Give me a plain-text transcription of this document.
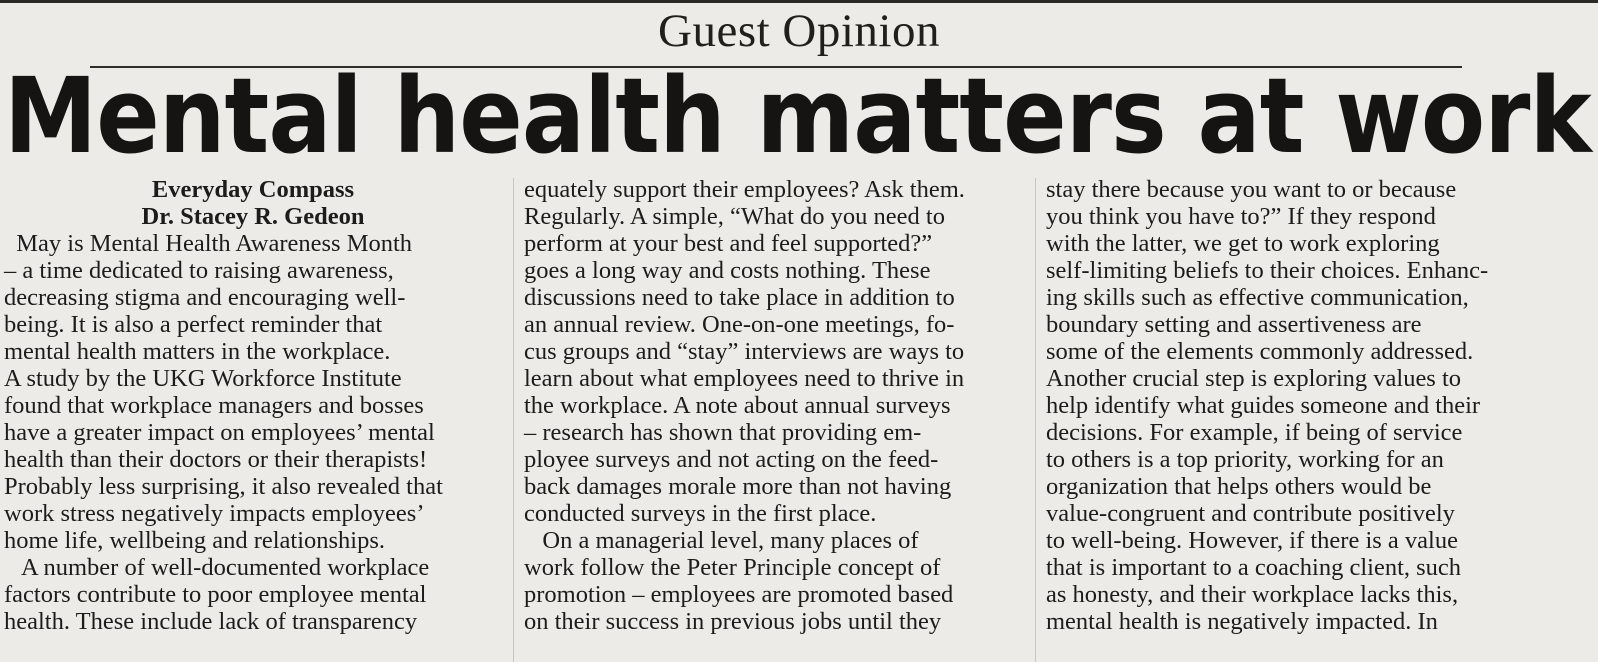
Guest Opinion
Mental health matters at work
Everyday Compass
Dr. Stacey R. Gedeon
May is Mental Health Awareness Month
– a time dedicated to raising awareness,
decreasing stigma and encouraging well-
being. It is also a perfect reminder that
mental health matters in the workplace.
A study by the UKG Workforce Institute
found that workplace managers and bosses
have a greater impact on employees’ mental
health than their doctors or their therapists!
Probably less surprising, it also revealed that
work stress negatively impacts employees’
home life, wellbeing and relationships.
A number of well-documented workplace
factors contribute to poor employee mental
health. These include lack of transparency
equately support their employees? Ask them.
Regularly. A simple, “What do you need to
perform at your best and feel supported?”
goes a long way and costs nothing. These
discussions need to take place in addition to
an annual review. One-on-one meetings, fo-
cus groups and “stay” interviews are ways to
learn about what employees need to thrive in
the workplace. A note about annual surveys
– research has shown that providing em-
ployee surveys and not acting on the feed-
back damages morale more than not having
conducted surveys in the first place.
On a managerial level, many places of
work follow the Peter Principle concept of
promotion – employees are promoted based
on their success in previous jobs until they
stay there because you want to or because
you think you have to?” If they respond
with the latter, we get to work exploring
self-limiting beliefs to their choices. Enhanc-
ing skills such as effective communication,
boundary setting and assertiveness are
some of the elements commonly addressed.
Another crucial step is exploring values to
help identify what guides someone and their
decisions. For example, if being of service
to others is a top priority, working for an
organization that helps others would be
value-congruent and contribute positively
to well-being. However, if there is a value
that is important to a coaching client, such
as honesty, and their workplace lacks this,
mental health is negatively impacted. In
